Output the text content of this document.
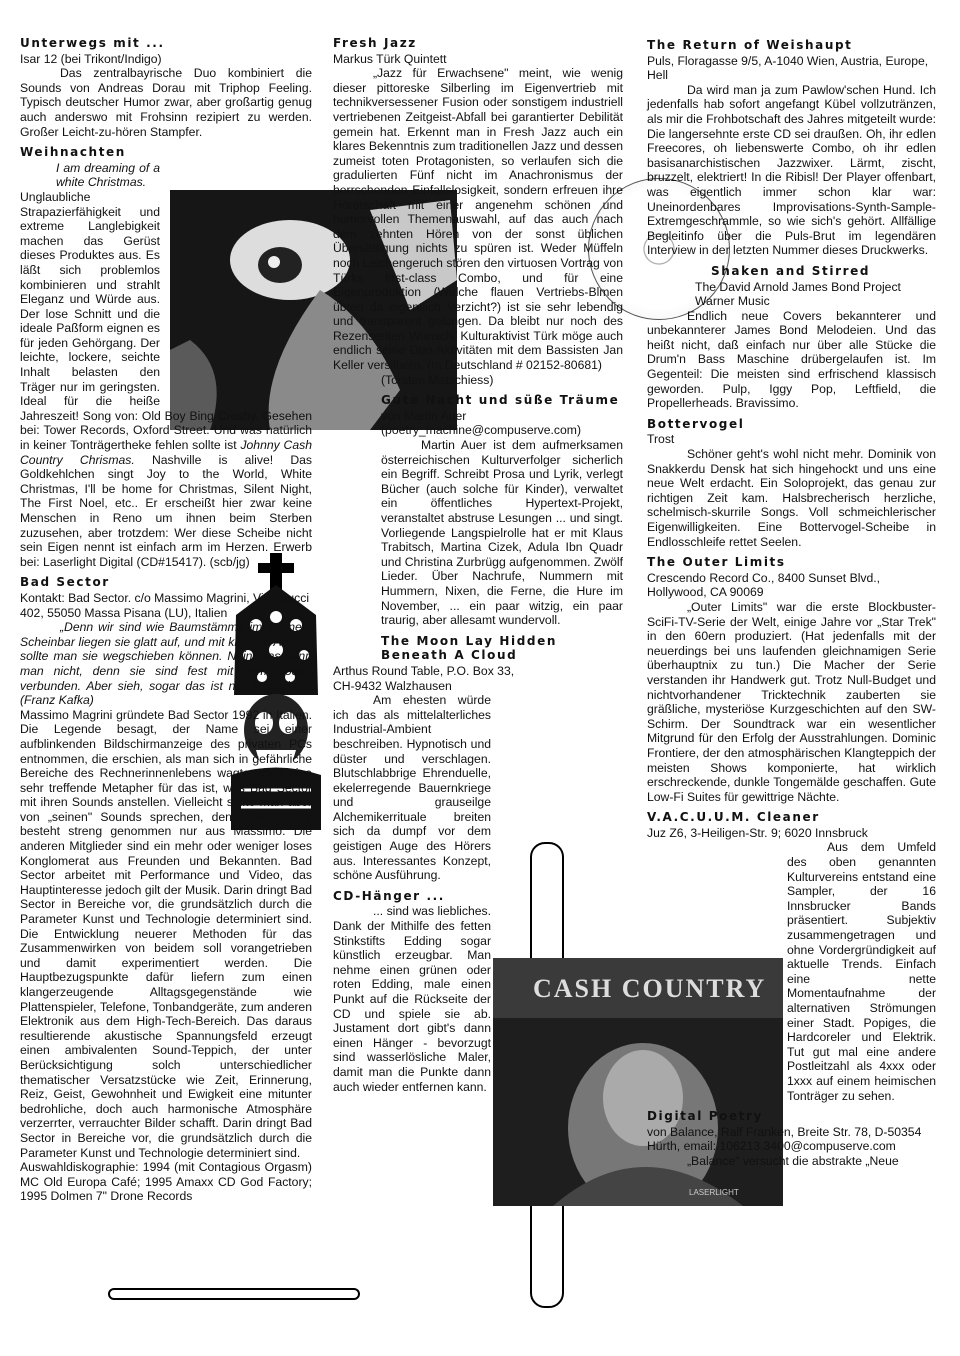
CASH COUNTRY
LASERLIGHT
Unterwegs mit ...

Isar 12 (bei Trikont/Indigo)

Das zentralbayrische Duo kombiniert die Sounds von Andreas Dorau mit Triphop Feeling. Typisch deutscher Humor zwar, aber großartig genug auch anderswo mit Frohsinn rezipiert zu werden. Großer Leicht-zu-hören Stampfer.

Weihnachten

I am dreaming of a white Christmas.

Unglaubliche Strapazierfähigkeit und extreme Langlebigkeit machen das Gerüst dieses Produktes aus. Es läßt sich problemlos kombinieren und strahlt Eleganz und Würde aus. Der lose Schnitt und die ideale Paßform eignen es für jeden Gehörgang. Der leichte, lockere, seichte Inhalt belasten den Träger nur im geringsten. Ideal für die heiße Jahreszeit! Song von: Old Boy Bing Crosby. Gesehen bei: Tower Records, Oxford Street. Und was natürlich in keiner Tonträgertheke fehlen sollte ist Johnny Cash Country Chrismas. Nashville is alive! Das Goldkehlchen singt Joy to the World, White Christmas, I'll be home for Christmas, Silent Night, The First Noel, etc.. Er erscheißt hier zwar keine Menschen in Reno um ihnen beim Sterben zuzusehen, aber trotzdem: Wer diese Scheibe nicht sein Eigen nennt ist einfach arm im Herzen. Erwerb bei: Laserlight Digital (CD#15417). (scb/jg)

Bad Sector

Kontakt: Bad Sector. c/o Massimo Magrini, Via Laucci 402, 55050 Massa Pisana (LU), Italien

„Denn wir sind wie Baumstämme im Schnee. Scheinbar liegen sie glatt auf, und mit kleinem Anstoß sollte man sie wegschieben können. Nein, das kann man nicht, denn sie sind fest mit dem Boden verbunden. Aber sieh, sogar das ist nur scheinbar." (Franz Kafka)

Massimo Magrini gründete Bad Sector 1992 in Italien. Die Legende besagt, der Name sei einer aufblinkenden Bildschirmanzeige des privaten PCs entnommen, die erschien, als man sich in gefährliche Bereiche des Rechnerinnenlebens wagte. Was eine sehr treffende Metapher für das ist, was Bad Sector mit ihren Sounds anstellen. Vielleicht sollte man aber von „seinen" Sounds sprechen, denn Bad Sector besteht streng genommen nur aus Massimo. Die anderen Mitglieder sind ein mehr oder weniger loses Konglomerat aus Freunden und Bekannten. Bad Sector arbeitet mit Performance und Video, das Hauptinteresse jedoch gilt der Musik. Darin dringt Bad Sector in Bereiche vor, die grundsätzlich durch die Parameter Kunst und Technologie determiniert sind. Die Entwicklung neuerer Methoden für das Zusammenwirken von beidem soll vorangetrieben und damit experimentiert werden. Die Hauptbezugspunkte dafür liefern zum einen klangerzeugende Alltagsgegenstände wie Plattenspieler, Telefone, Tonbandgeräte, zum anderen Elektronik aus dem High-Tech-Bereich. Das daraus resultierende akustische Spannungsfeld erzeugt einen ambivalenten Sound-Teppich, der unter Berücksichtigung solch unterschiedlicher thematischer Versatzstücke wie Zeit, Erinnerung, Reiz, Geist, Gewohnheit und Ewigkeit eine mitunter bedrohliche, doch auch harmonische Atmosphäre verzerrter, verrauchter Bilder schafft. Darin dringt Bad Sector in Bereiche vor, die grundsätzlich durch die Parameter Kunst und Technologie determiniert sind.

Auswahldiskographie: 1994 (mit Contagious Orgasm) MC Old Europa Café; 1995 Amaxx CD God Factory; 1995 Dolmen 7" Drone Records

Fresh Jazz

Markus Türk Quintett

„Jazz für Erwachsene" meint, wie wenig dieser pittoreske Silberling im Eigenvertrieb mit technikversessener Fusion oder sonstigem industriell vertriebenen Zeitgeist-Abfall bei garantierter Debilität gemein hat. Erkennt man in Fresh Jazz auch ein klares Bekenntnis zum traditionellen Jazz und dessen zumeist toten Protagonisten, so verlaufen sich die gradulierten Fünf nicht im Anachronismus der herrschenden Einfallslosigkeit, sondern erfreuen ihre Hörerschaft mit einer angenehm schönen und humorvollen Themenauswahl, auf das auch nach dem zehnten Hören von der sonst üblichen Übersättigung nichts zu spüren ist. Weder Müffeln noch Leichengeruch stören den virtuosen Vortrag von Türks first-class Combo, und für eine Eigenproduktion (Welche flauen Vertriebs-Blmen übten da eigentlich Verzicht?) ist sie sehr lebendig und transparent gelungen. Da bleibt nur noch des Rezensenten Wunsch, Kulturaktivist Türk möge auch endlich seine Duo-Aktivitäten mit dem Bassisten Jan Keller versilbern. (In Deutschland # 02152-80681)

(Torsten Matschiess)

Gute Nacht und süße Träume

von Martin Auer

(poetry_machine@compuserve.com)

Martin Auer ist dem aufmerksamen österreichischen Kulturverfolger sicherlich ein Begriff. Schreibt Prosa und Lyrik, verlegt Bücher (auch solche für Kinder), verwaltet ein öffentliches Hypertext-Projekt, veranstaltet abstruse Lesungen ... und singt. Vorliegende Langspielrolle hat er mit Klaus Trabitsch, Martina Cizek, Adula Ibn Quadr und Christina Zurbrügg aufgenommen. Zwölf Lieder. Über Nachrufe, Nummern mit Hummern, Nixen, die Ferne, die Hure im November, ... ein paar witzig, ein paar traurig, aber allesamt wundervoll.

The Moon Lay Hidden Beneath A Cloud

Arthus Round Table, P.O. Box 33, CH-9432 Walzhausen

Am ehesten würde ich das als mittelalterliches Industrial-Ambient beschreiben. Hypnotisch und düster und verschlagen. Blutschlabbrige Ehrenduelle, ekelerregende Bauernkriege und grauseilge Alchemikerrituale breiten sich da dumpf vor dem geistigen Auge des Hörers aus. Interessantes Konzept, schöne Ausführung.

CD-Hänger ...

... sind was liebliches. Dank der Mithilfe des fetten Stinkstifts Edding sogar künstlich erzeugbar. Man nehme einen grünen oder roten Edding, male einen Punkt auf die Rückseite der CD und spiele sie ab. Justament dort gibt's dann einen Hänger - bevorzugt sind wasserlösliche Maler, damit man die Punkte dann auch wieder entfernen kann.

The Return of Weishaupt

Puls, Floragasse 9/5, A-1040 Wien, Austria, Europe, Hell

Da wird man ja zum Pawlow'schen Hund. Ich jedenfalls hab sofort angefangt Kübel vollzutränzen, als mir die Frohbotschaft des Jahres mitgeteilt wurde: Die langersehnte erste CD sei draußen. Oh, ihr edlen Freecores, oh liebenswerte Combo, oh ihr edlen basisanarchistischen Jazzwixer. Lärmt, zischt, bruzzelt, elektriert! In die Ribisl! Der Player offenbart, was eigentlich immer schon klar war: Uneinordenbares Improvisations-Synth-Sample-Extremgeschrammle, so wie sich's gehört. Allfällige Begleitinfo über die Puls-Brut im legendären Interview in der letzten Nummer dieses Druckwerks.

Shaken and Stirred

The David Arnold James Bond Project

Warner Music

Endlich neue Covers bekannterer und unbekannterer James Bond Melodeien. Und das heißt nicht, daß einfach nur über alle Stücke die Drum'n Bass Maschine drübergelaufen ist. Im Gegenteil: Die meisten sind erfrischend klassisch geworden. Pulp, Iggy Pop, Leftfield, die Propellerheads. Bravissimo.

Bottervogel

Trost

Schöner geht's wohl nicht mehr. Dominik von Snakkerdu Densk hat sich hingehockt und uns eine neue Welt erdacht. Ein Soloprojekt, das genau zur richtigen Zeit kam. Halsbrecherisch herzliche, schelmisch-skurrile Songs. Voll schmeichlerischer Eigenwilligkeiten. Eine Bottervogel-Scheibe in Endlosschleife rettet Seelen.

The Outer Limits

Crescendo Record Co., 8400 Sunset Blvd., Hollywood, CA 90069

„Outer Limits" war die erste Blockbuster-SciFi-TV-Serie der Welt, einige Jahre vor „Star Trek" in den 60ern produziert. (Hat jedenfalls mit der neuerdings bei uns laufenden gleichnamigen Serie überhauptnix zu tun.) Die Macher der Serie verstanden ihr Handwerk gut. Trotz Null-Budget und nichtvorhandener Tricktechnik zauberten sie gräßliche, mysteriöse Kurzgeschichten auf den SW-Schirm. Der Soundtrack war ein wesentlicher Mitgrund für den Erfolg der Ausstrahlungen. Dominic Frontiere, der den atmosphärischen Klangteppich der meisten Shows komponierte, hat wirklich erschreckende, dunkle Tongemälde geschaffen. Gute Low-Fi Suites für gewittrige Nächte.

V.A.C.U.U.M. Cleaner

Juz Z6, 3-Heiligen-Str. 9; 6020 Innsbruck

Aus dem Umfeld des oben genannten Kulturvereins entstand eine Sampler, der 16 Innsbrucker Bands präsentiert. Subjektiv zusammengetragen und ohne Vordergründigkeit auf aktuelle Trends. Einfach eine nette Momentaufnahme der alternativen Strömungen einer Stadt. Popiges, die Hardcoreler und Elektrik. Tut gut mal eine andere Postleitzahl als 4xxx oder 1xxx auf einem heimischen Tonträger zu sehen.

Digital Poetry

von Balance, Ralf Franken, Breite Str. 78, D-50354 Hürth, email: 106213.3400@compuserve.com

„Balance" versucht die abstrakte „Neue
